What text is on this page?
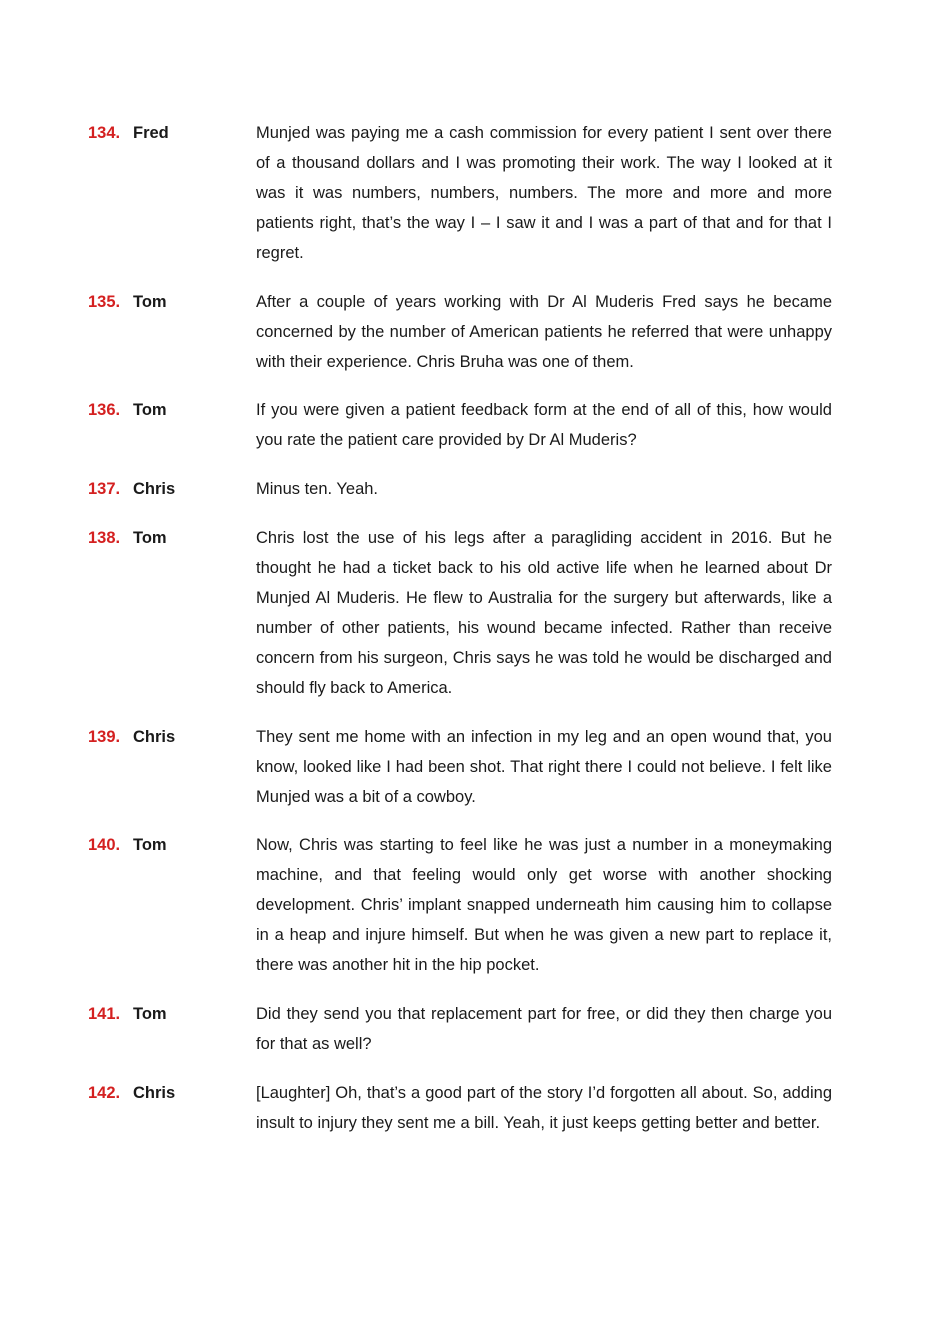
134. Fred	Munjed was paying me a cash commission for every patient I sent over there of a thousand dollars and I was promoting their work. The way I looked at it was it was numbers, numbers, numbers. The more and more and more patients right, that’s the way I – I saw it and I was a part of that and for that I regret.
135. Tom	After a couple of years working with Dr Al Muderis Fred says he became concerned by the number of American patients he referred that were unhappy with their experience. Chris Bruha was one of them.
136. Tom	If you were given a patient feedback form at the end of all of this, how would you rate the patient care provided by Dr Al Muderis?
137. Chris	Minus ten. Yeah.
138. Tom	Chris lost the use of his legs after a paragliding accident in 2016. But he thought he had a ticket back to his old active life when he learned about Dr Munjed Al Muderis. He flew to Australia for the surgery but afterwards, like a number of other patients, his wound became infected. Rather than receive concern from his surgeon, Chris says he was told he would be discharged and should fly back to America.
139. Chris	They sent me home with an infection in my leg and an open wound that, you know, looked like I had been shot. That right there I could not believe. I felt like Munjed was a bit of a cowboy.
140. Tom	Now, Chris was starting to feel like he was just a number in a moneymaking machine, and that feeling would only get worse with another shocking development. Chris’ implant snapped underneath him causing him to collapse in a heap and injure himself. But when he was given a new part to replace it, there was another hit in the hip pocket.
141. Tom	Did they send you that replacement part for free, or did they then charge you for that as well?
142. Chris	[Laughter] Oh, that’s a good part of the story I’d forgotten all about. So, adding insult to injury they sent me a bill. Yeah, it just keeps getting better and better.
